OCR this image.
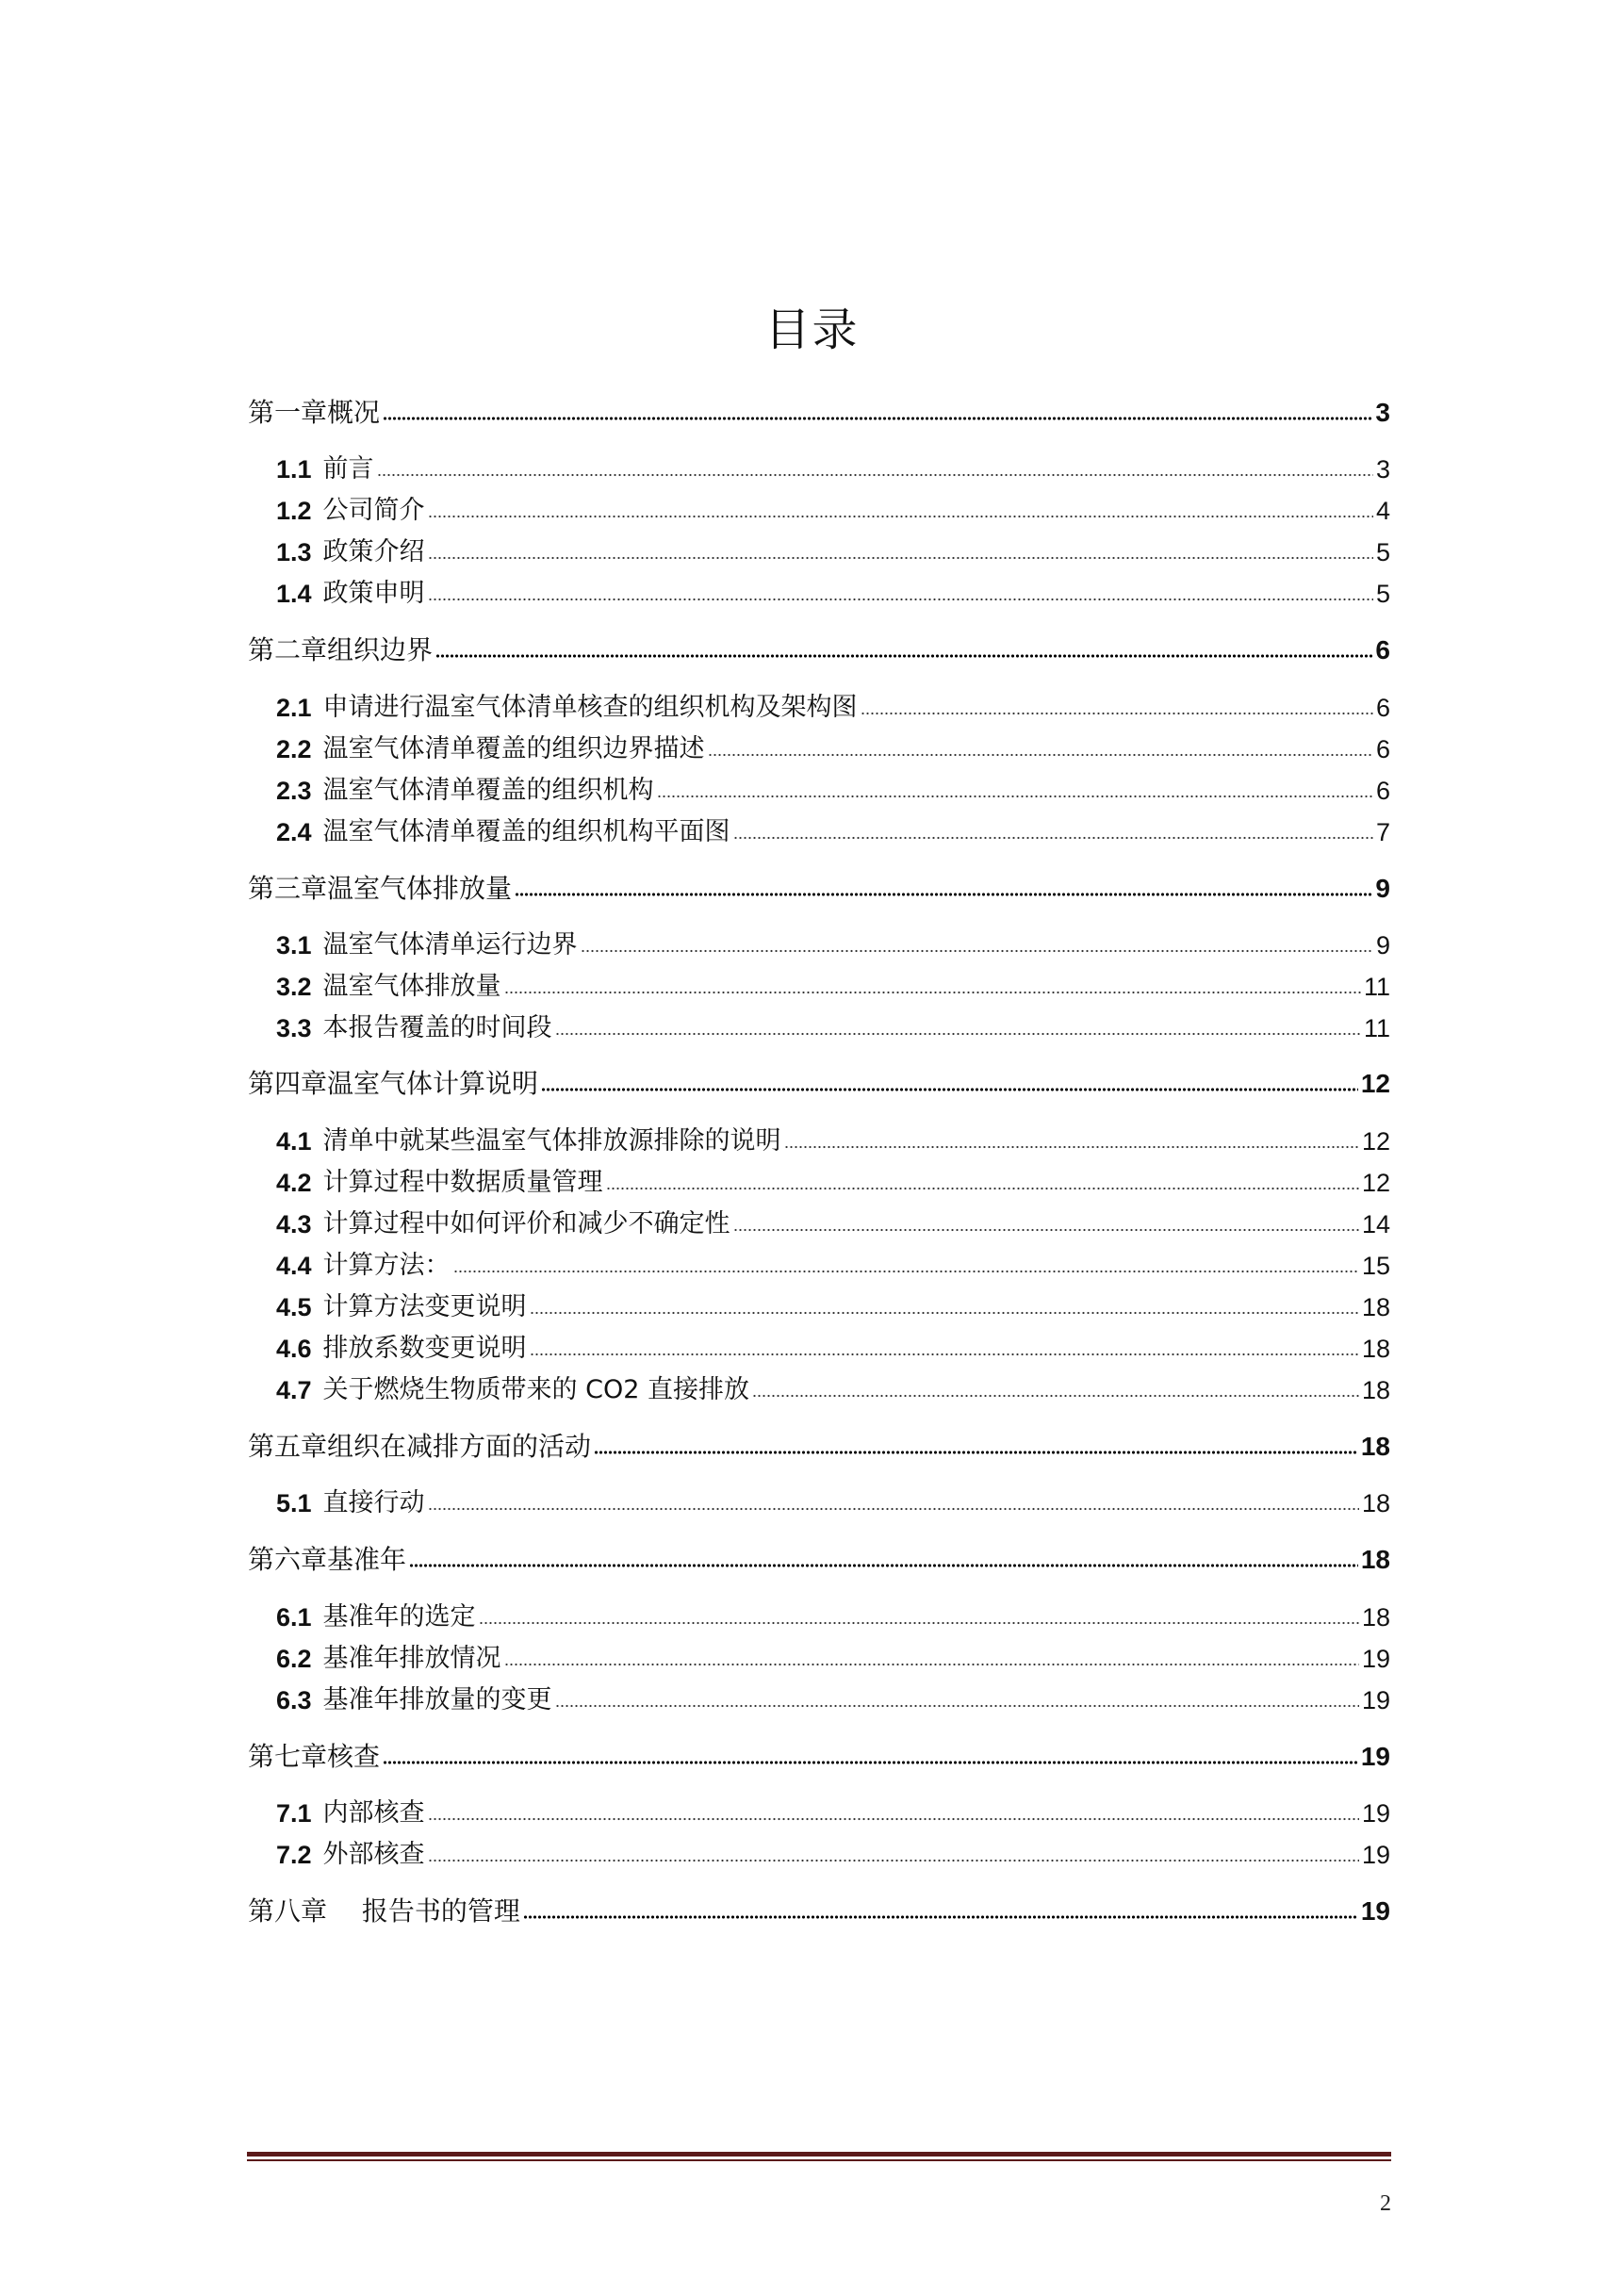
目录
第一章概况	3
1.1 前言	3
1.2 公司简介	4
1.3 政策介绍	5
1.4 政策申明	5
第二章组织边界	6
2.1 申请进行温室气体清单核查的组织机构及架构图	6
2.2 温室气体清单覆盖的组织边界描述	6
2.3 温室气体清单覆盖的组织机构	6
2.4 温室气体清单覆盖的组织机构平面图	7
第三章温室气体排放量	9
3.1 温室气体清单运行边界	9
3.2 温室气体排放量	11
3.3 本报告覆盖的时间段	11
第四章温室气体计算说明	12
4.1 清单中就某些温室气体排放源排除的说明	12
4.2 计算过程中数据质量管理	12
4.3 计算过程中如何评价和减少不确定性	14
4.4 计算方法：	15
4.5 计算方法变更说明	18
4.6 排放系数变更说明	18
4.7 关于燃烧生物质带来的 CO2 直接排放	18
第五章组织在减排方面的活动	18
5.1 直接行动	18
第六章基准年	18
6.1 基准年的选定	18
6.2 基准年排放情况	19
6.3 基准年排放量的变更	19
第七章核查	19
7.1 内部核查	19
7.2 外部核查	19
第八章　 报告书的管理	19
2
